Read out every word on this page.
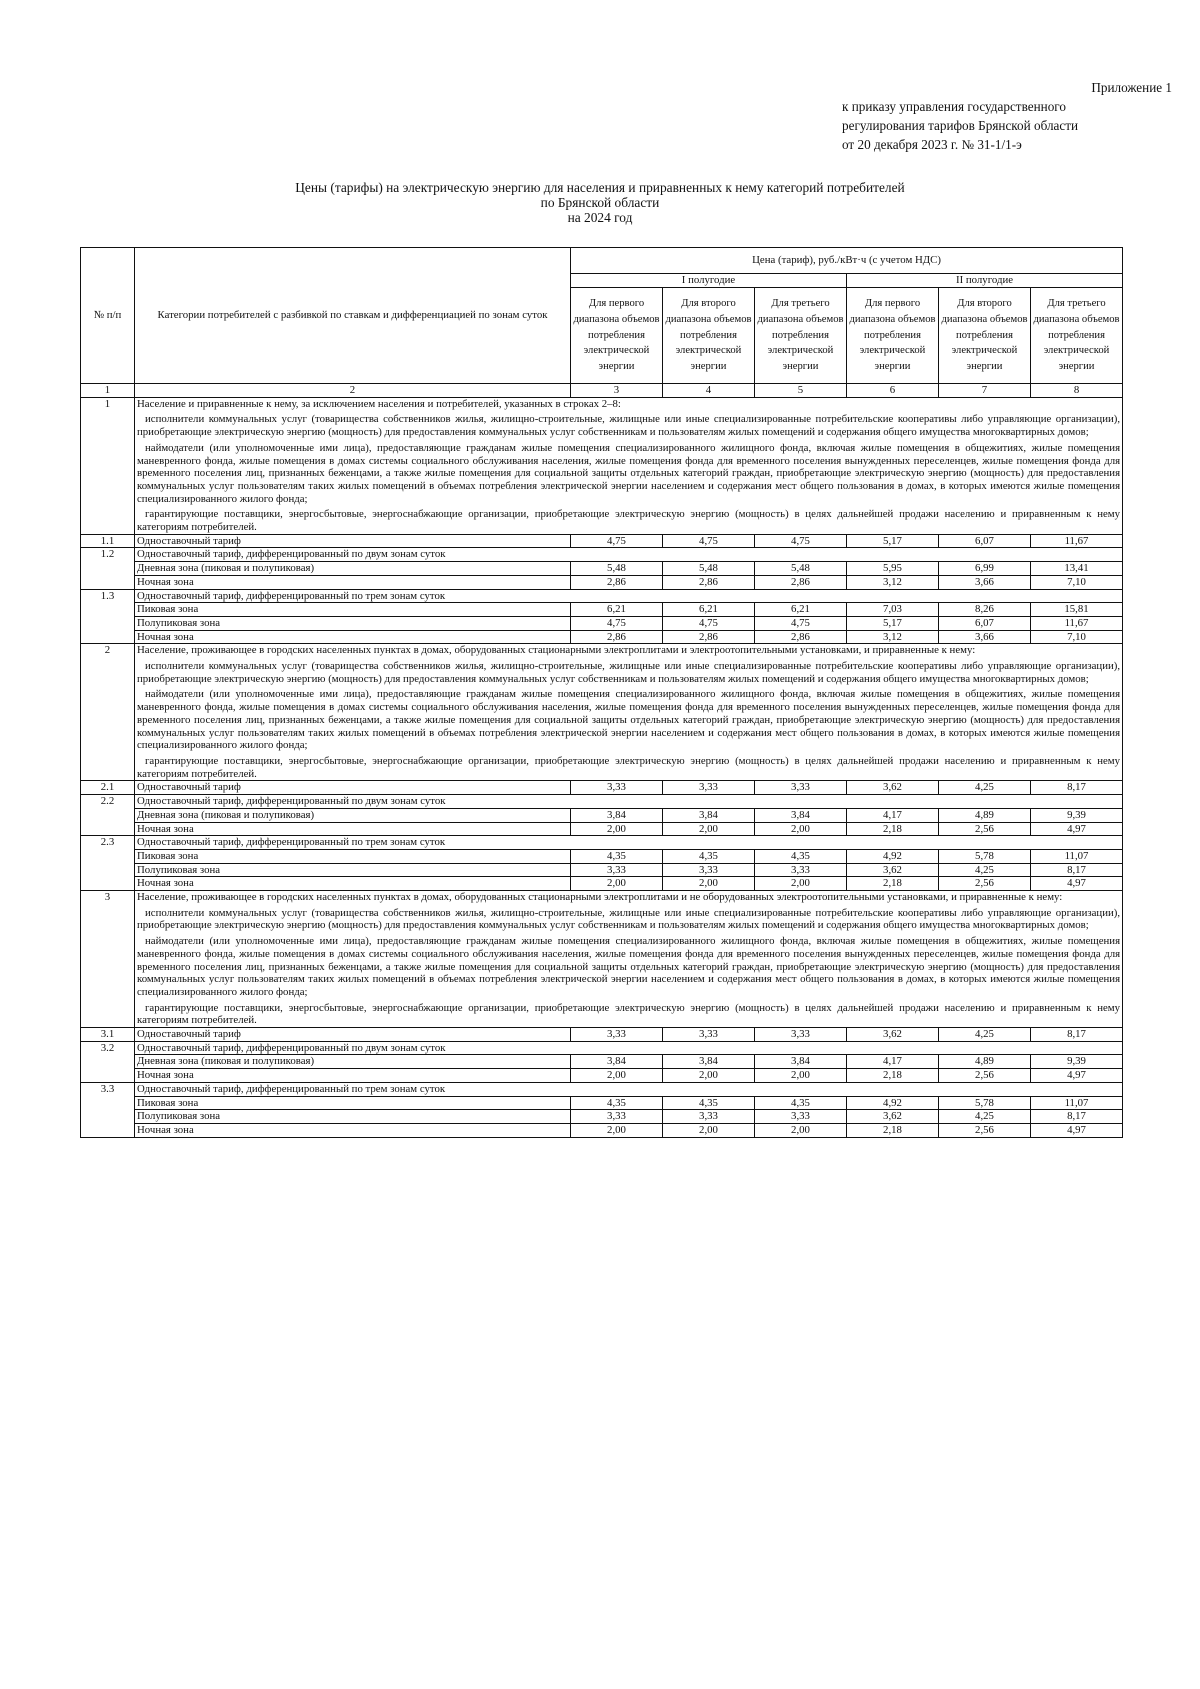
Приложение 1
к приказу управления государственного
регулирования тарифов Брянской области
от 20 декабря 2023 г. № 31-1/1-э
Цены (тарифы) на электрическую энергию для населения и приравненных к нему категорий потребителей
по Брянской области
на 2024 год
№ п/п	Категории потребителей с разбивкой по ставкам и дифференциацией по зонам суток	Цена (тариф), руб./кВт·ч (с учетом НДС)					
		I полугодие			II полугодие		
		Для первого диапазона объемов потребления электрической энергии	Для второго диапазона объемов потребления электрической энергии	Для третьего диапазона объемов потребления электрической энергии	Для первого диапазона объемов потребления электрической энергии	Для второго диапазона объемов потребления электрической энергии	Для третьего диапазона объемов потребления электрической энергии
1	2	3	4	5	6	7	8
1	Население и приравненные к нему, за исключением населения и потребителей, указанных в строках 2–8:

исполнители коммунальных услуг (товарищества собственников жилья, жилищно-строительные, жилищные или иные специализированные потребительские кооперативы либо управляющие организации), приобретающие электрическую энергию (мощность) для предоставления коммунальных услуг собственникам и пользователям жилых помещений и содержания общего имущества многоквартирных домов;

наймодатели (или уполномоченные ими лица), предоставляющие гражданам жилые помещения специализированного жилищного фонда, включая жилые помещения в общежитиях, жилые помещения маневренного фонда, жилые помещения в домах системы социального обслуживания населения, жилые помещения фонда для временного поселения вынужденных переселенцев, жилые помещения фонда для временного поселения лиц, признанных беженцами, а также жилые помещения для социальной защиты отдельных категорий граждан, приобретающие электрическую энергию (мощность) для предоставления коммунальных услуг пользователям таких жилых помещений в объемах потребления электрической энергии населением и содержания мест общего пользования в домах, в которых имеются жилые помещения специализированного жилого фонда;

гарантирующие поставщики, энергосбытовые, энергоснабжающие организации, приобретающие электрическую энергию (мощность) в целях дальнейшей продажи населению и приравненным к нему категориям потребителей.						

1.1	Одноставочный тариф	4,75	4,75	4,75	5,17	6,07	11,67
1.2	Одноставочный тариф, дифференцированный по двум зонам суток						
	Дневная зона (пиковая и полупиковая)	5,48	5,48	5,48	5,95	6,99	13,41
	Ночная зона	2,86	2,86	2,86	3,12	3,66	7,10
1.3	Одноставочный тариф, дифференцированный по трем зонам суток						
	Пиковая зона	6,21	6,21	6,21	7,03	8,26	15,81
	Полупиковая зона	4,75	4,75	4,75	5,17	6,07	11,67
	Ночная зона	2,86	2,86	2,86	3,12	3,66	7,10
2	Население, проживающее в городских населенных пунктах в домах, оборудованных стационарными электроплитами и электроотопительными установками, и приравненные к нему:

исполнители коммунальных услуг (товарищества собственников жилья, жилищно-строительные, жилищные или иные специализированные потребительские кооперативы либо управляющие организации), приобретающие электрическую энергию (мощность) для предоставления коммунальных услуг собственникам и пользователям жилых помещений и содержания общего имущества многоквартирных домов;

наймодатели (или уполномоченные ими лица), предоставляющие гражданам жилые помещения специализированного жилищного фонда, включая жилые помещения в общежитиях, жилые помещения маневренного фонда, жилые помещения в домах системы социального обслуживания населения, жилые помещения фонда для временного поселения вынужденных переселенцев, жилые помещения фонда для временного поселения лиц, признанных беженцами, а также жилые помещения для социальной защиты отдельных категорий граждан, приобретающие электрическую энергию (мощность) для предоставления коммунальных услуг пользователям таких жилых помещений в объемах потребления электрической энергии населением и содержания мест общего пользования в домах, в которых имеются жилые помещения специализированного жилого фонда;

гарантирующие поставщики, энергосбытовые, энергоснабжающие организации, приобретающие электрическую энергию (мощность) в целях дальнейшей продажи населению и приравненным к нему категориям потребителей.						

2.1	Одноставочный тариф	3,33	3,33	3,33	3,62	4,25	8,17
2.2	Одноставочный тариф, дифференцированный по двум зонам суток						
	Дневная зона (пиковая и полупиковая)	3,84	3,84	3,84	4,17	4,89	9,39
	Ночная зона	2,00	2,00	2,00	2,18	2,56	4,97
2.3	Одноставочный тариф, дифференцированный по трем зонам суток						
	Пиковая зона	4,35	4,35	4,35	4,92	5,78	11,07
	Полупиковая зона	3,33	3,33	3,33	3,62	4,25	8,17
	Ночная зона	2,00	2,00	2,00	2,18	2,56	4,97
3	Население, проживающее в городских населенных пунктах в домах, оборудованных стационарными электроплитами и не оборудованных электроотопительными установками, и приравненные к нему:

исполнители коммунальных услуг (товарищества собственников жилья, жилищно-строительные, жилищные или иные специализированные потребительские кооперативы либо управляющие организации), приобретающие электрическую энергию (мощность) для предоставления коммунальных услуг собственникам и пользователям жилых помещений и содержания общего имущества многоквартирных домов;

наймодатели (или уполномоченные ими лица), предоставляющие гражданам жилые помещения специализированного жилищного фонда, включая жилые помещения в общежитиях, жилые помещения маневренного фонда, жилые помещения в домах системы социального обслуживания населения, жилые помещения фонда для временного поселения вынужденных переселенцев, жилые помещения фонда для временного поселения лиц, признанных беженцами, а также жилые помещения для социальной защиты отдельных категорий граждан, приобретающие электрическую энергию (мощность) для предоставления коммунальных услуг пользователям таких жилых помещений в объемах потребления электрической энергии населением и содержания мест общего пользования в домах, в которых имеются жилые помещения специализированного жилого фонда;

гарантирующие поставщики, энергосбытовые, энергоснабжающие организации, приобретающие электрическую энергию (мощность) в целях дальнейшей продажи населению и приравненным к нему категориям потребителей.						

3.1	Одноставочный тариф	3,33	3,33	3,33	3,62	4,25	8,17
3.2	Одноставочный тариф, дифференцированный по двум зонам суток						
	Дневная зона (пиковая и полупиковая)	3,84	3,84	3,84	4,17	4,89	9,39
	Ночная зона	2,00	2,00	2,00	2,18	2,56	4,97
3.3	Одноставочный тариф, дифференцированный по трем зонам суток						
	Пиковая зона	4,35	4,35	4,35	4,92	5,78	11,07
	Полупиковая зона	3,33	3,33	3,33	3,62	4,25	8,17
	Ночная зона	2,00	2,00	2,00	2,18	2,56	4,97
